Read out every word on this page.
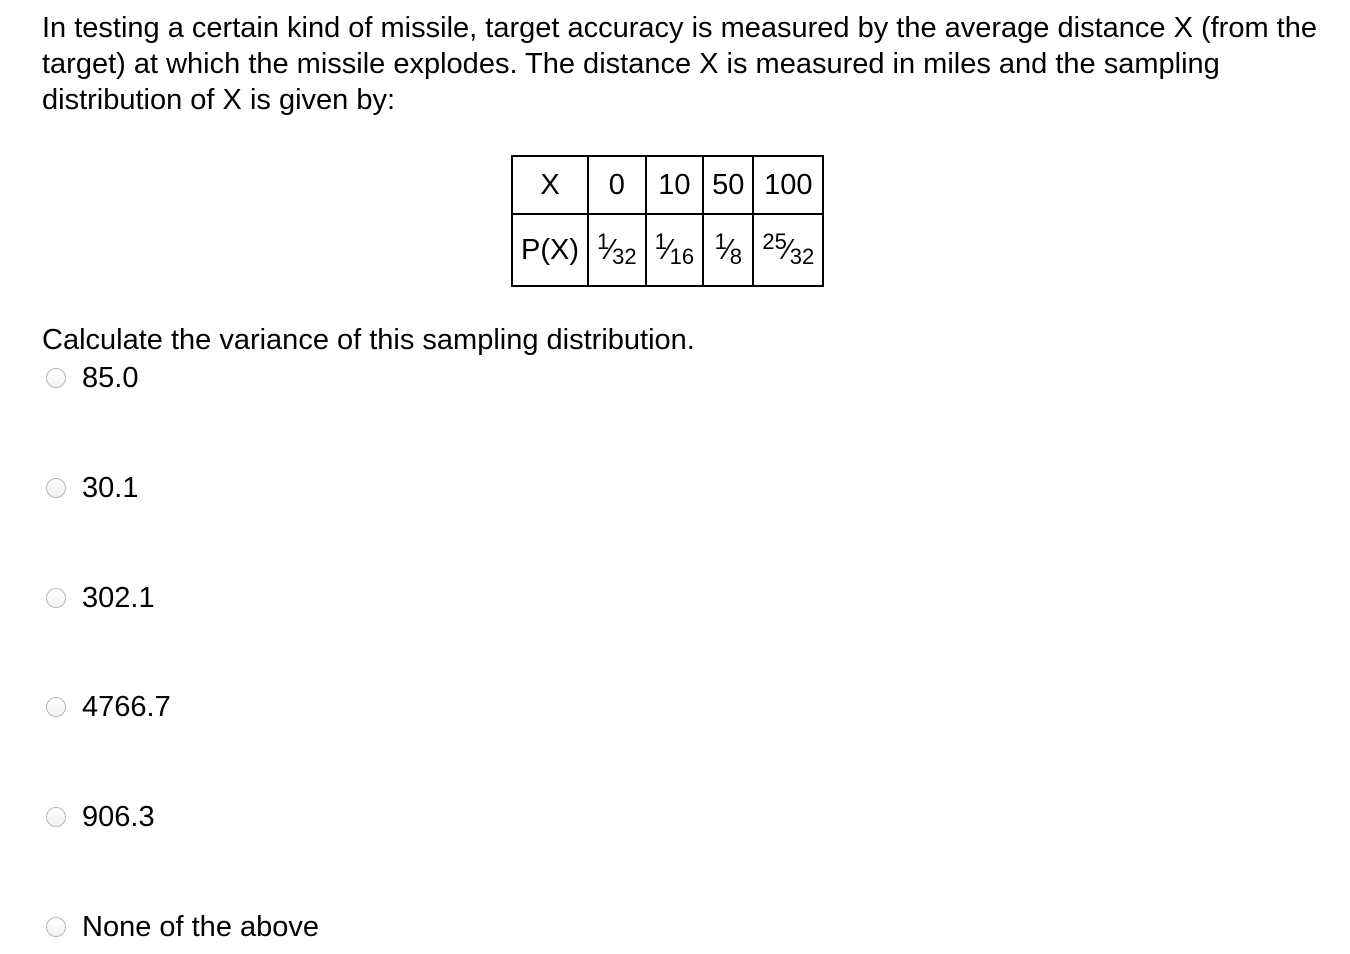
In testing a certain kind of missile, target accuracy is measured by the average distance X (from the target) at which the missile explodes. The distance X is measured in miles and the sampling distribution of X is given by:

X	0	10	50	100
P(X)	$^1$⁄32	$^1$⁄16	$^1$⁄8	$^{25}$⁄32

Calculate the variance of this sampling distribution.

85.0
30.1
302.1
4766.7
906.3
None of the above
